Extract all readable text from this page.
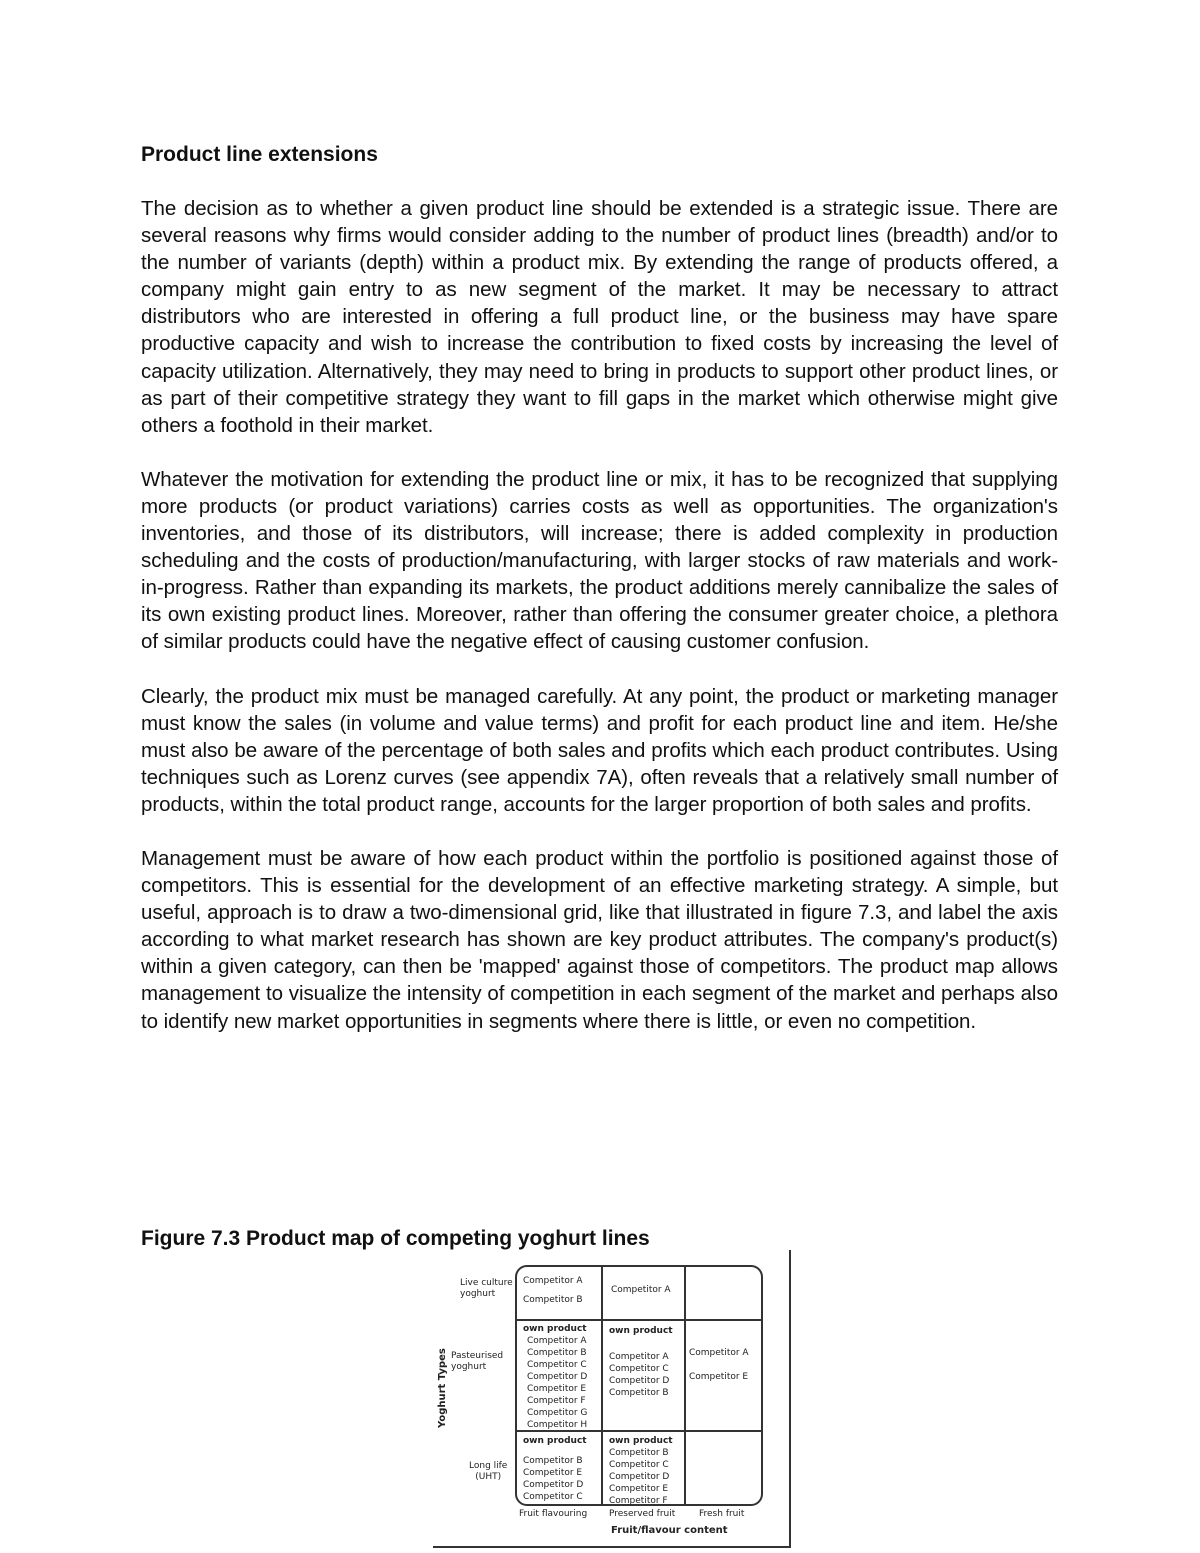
Product line extensions

The decision as to whether a given product line should be extended is a strategic issue. There are several reasons why firms would consider adding to the number of product lines (breadth) and/or to the number of variants (depth) within a product mix. By extending the range of products offered, a company might gain entry to as new segment of the market. It may be necessary to attract distributors who are interested in offering a full product line, or the business may have spare productive capacity and wish to increase the contribution to fixed costs by increasing the level of capacity utilization. Alternatively, they may need to bring in products to support other product lines, or as part of their competitive strategy they want to fill gaps in the market which otherwise might give others a foothold in their market.

Whatever the motivation for extending the product line or mix, it has to be recognized that supplying more products (or product variations) carries costs as well as opportunities. The organization's inventories, and those of its distributors, will increase; there is added complexity in production scheduling and the costs of production/manufacturing, with larger stocks of raw materials and work-in-progress. Rather than expanding its markets, the product additions merely cannibalize the sales of its own existing product lines. Moreover, rather than offering the consumer greater choice, a plethora of similar products could have the negative effect of causing customer confusion.

Clearly, the product mix must be managed carefully. At any point, the product or marketing manager must know the sales (in volume and value terms) and profit for each product line and item. He/she must also be aware of the percentage of both sales and profits which each product contributes. Using techniques such as Lorenz curves (see appendix 7A), often reveals that a relatively small number of products, within the total product range, accounts for the larger proportion of both sales and profits.

Management must be aware of how each product within the portfolio is positioned against those of competitors. This is essential for the development of an effective marketing strategy. A simple, but useful, approach is to draw a two-dimensional grid, like that illustrated in figure 7.3, and label the axis according to what market research has shown are key product attributes. The company's product(s) within a given category, can then be 'mapped' against those of competitors. The product map allows management to visualize the intensity of competition in each segment of the market and perhaps also to identify new market opportunities in segments where there is little, or even no competition.

Figure 7.3 Product map of competing yoghurt lines

Live culture
yoghurt
Pasteurised
yoghurt
Long life
(UHT)
Yoghurt Types
Competitor A
Competitor B
Competitor A
own product
Competitor A
Competitor B
Competitor C
Competitor D
Competitor E
Competitor F
Competitor G
Competitor H
own product
Competitor A
Competitor C
Competitor D
Competitor B
Competitor A
Competitor E
own product
Competitor B
Competitor E
Competitor D
Competitor C
own product
Competitor B
Competitor C
Competitor D
Competitor E
Competitor F
Fruit flavouring Preserved fruit	Fresh fruit
Fruit/flavour content
